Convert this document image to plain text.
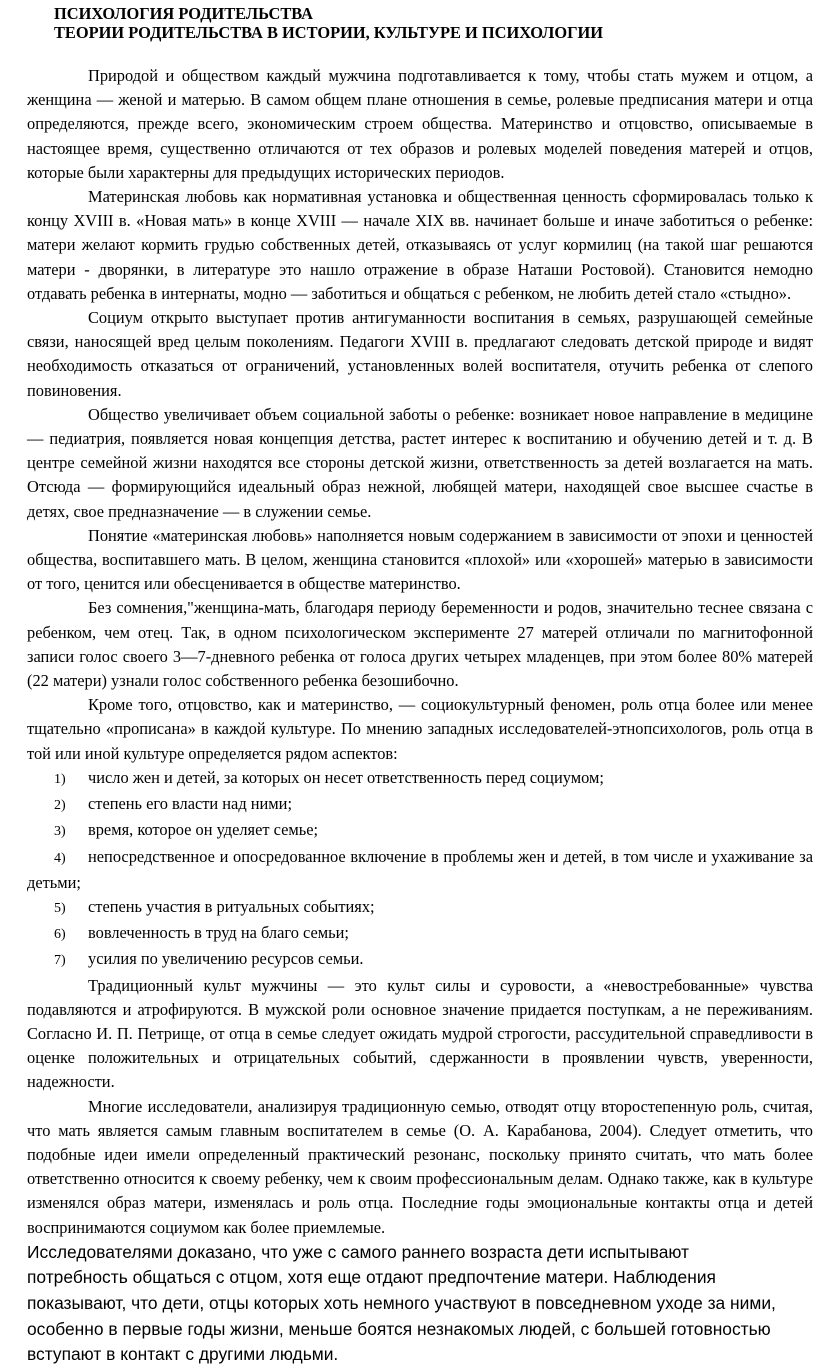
ПСИХОЛОГИЯ РОДИТЕЛЬСТВА
ТЕОРИИ РОДИТЕЛЬСТВА В ИСТОРИИ, КУЛЬТУРЕ И ПСИХОЛОГИИ

Природой и обществом каждый мужчина подготавливается к тому, чтобы стать мужем и отцом, а женщина — женой и матерью. В самом общем плане отношения в семье, ролевые предписания матери и отца определяются, прежде всего, экономическим строем общества. Материнство и отцовство, описываемые в настоящее время, существенно отличаются от тех образов и ролевых моделей поведения матерей и отцов, которые были характерны для предыдущих исторических периодов.

Материнская любовь как нормативная установка и общественная ценность сформировалась только к концу XVIII в. «Новая мать» в конце XVIII — начале XIX вв. начинает больше и иначе заботиться о ребенке: матери желают кормить грудью собственных детей, отказываясь от услуг кормилиц (на такой шаг решаются матери - дворянки, в литературе это нашло отражение в образе Наташи Ростовой). Становится немодно отдавать ребенка в интернаты, модно — заботиться и общаться с ребенком, не любить детей стало «стыдно».

Социум открыто выступает против антигуманности воспитания в семьях, разрушающей семейные связи, наносящей вред целым поколениям. Педагоги XVIII в. предлагают следовать детской природе и видят необходимость отказаться от ограничений, установленных волей воспитателя, отучить ребенка от слепого повиновения.

Общество увеличивает объем социальной заботы о ребенке: возникает новое направление в медицине — педиатрия, появляется новая концепция детства, растет интерес к воспитанию и обучению детей и т. д. В центре семейной жизни находятся все стороны детской жизни, ответственность за детей возлагается на мать. Отсюда — формирующийся идеальный образ нежной, любящей матери, находящей свое высшее счастье в детях, свое предназначение — в служении семье.

Понятие «материнская любовь» наполняется новым содержанием в зависимости от эпохи и ценностей общества, воспитавшего мать. В целом, женщина становится «плохой» или «хорошей» матерью в зависимости от того, ценится или обесценивается в обществе материнство.

Без сомнения,"женщина-мать, благодаря периоду беременности и родов, значительно теснее связана с ребенком, чем отец. Так, в одном психологическом эксперименте 27 матерей отличали по магнитофонной записи голос своего 3—7-дневного ребенка от голоса других четырех младенцев, при этом более 80% матерей (22 матери) узнали голос собственного ребенка безошибочно.

Кроме того, отцовство, как и материнство, — социокультурный феномен, роль отца более или менее тщательно «прописана» в каждой культуре. По мнению западных исследователей-этнопсихологов, роль отца в той или иной культуре определяется рядом аспектов:

1) число жен и детей, за которых он несет ответственность перед социумом;

2) степень его власти над ними;

3) время, которое он уделяет семье;

4) непосредственное и опосредованное включение в проблемы жен и детей, в том числе и ухаживание за детьми;

5) степень участия в ритуальных событиях;

6) вовлеченность в труд на благо семьи;

7) усилия по увеличению ресурсов семьи.

Традиционный культ мужчины — это культ силы и суровости, а «невостребованные» чувства подавляются и атрофируются. В мужской роли основное значение придается поступкам, а не переживаниям. Согласно И. П. Петрище, от отца в семье следует ожидать мудрой строгости, рассудительной справедливости в оценке положительных и отрицательных событий, сдержанности в проявлении чувств, уверенности, надежности.

Многие исследователи, анализируя традиционную семью, отводят отцу второстепенную роль, считая, что мать является самым главным воспитателем в семье (О. А. Карабанова, 2004). Следует отметить, что подобные идеи имели определенный практический резонанс, поскольку принято считать, что мать более ответственно относится к своему ребенку, чем к своим профессиональным делам. Однако также, как в культуре изменялся образ матери, изменялась и роль отца. Последние годы эмоциональные контакты отца и детей воспринимаются социумом как более приемлемые.

Исследователями доказано, что уже с самого раннего возраста дети испытывают потребность общаться с отцом, хотя еще отдают предпочтение матери. Наблюдения показывают, что дети, отцы которых хоть немного участвуют в повседневном уходе за ними, особенно в первые годы жизни, меньше боятся незнакомых людей, с большей готовностью вступают в контакт с другими людьми.
